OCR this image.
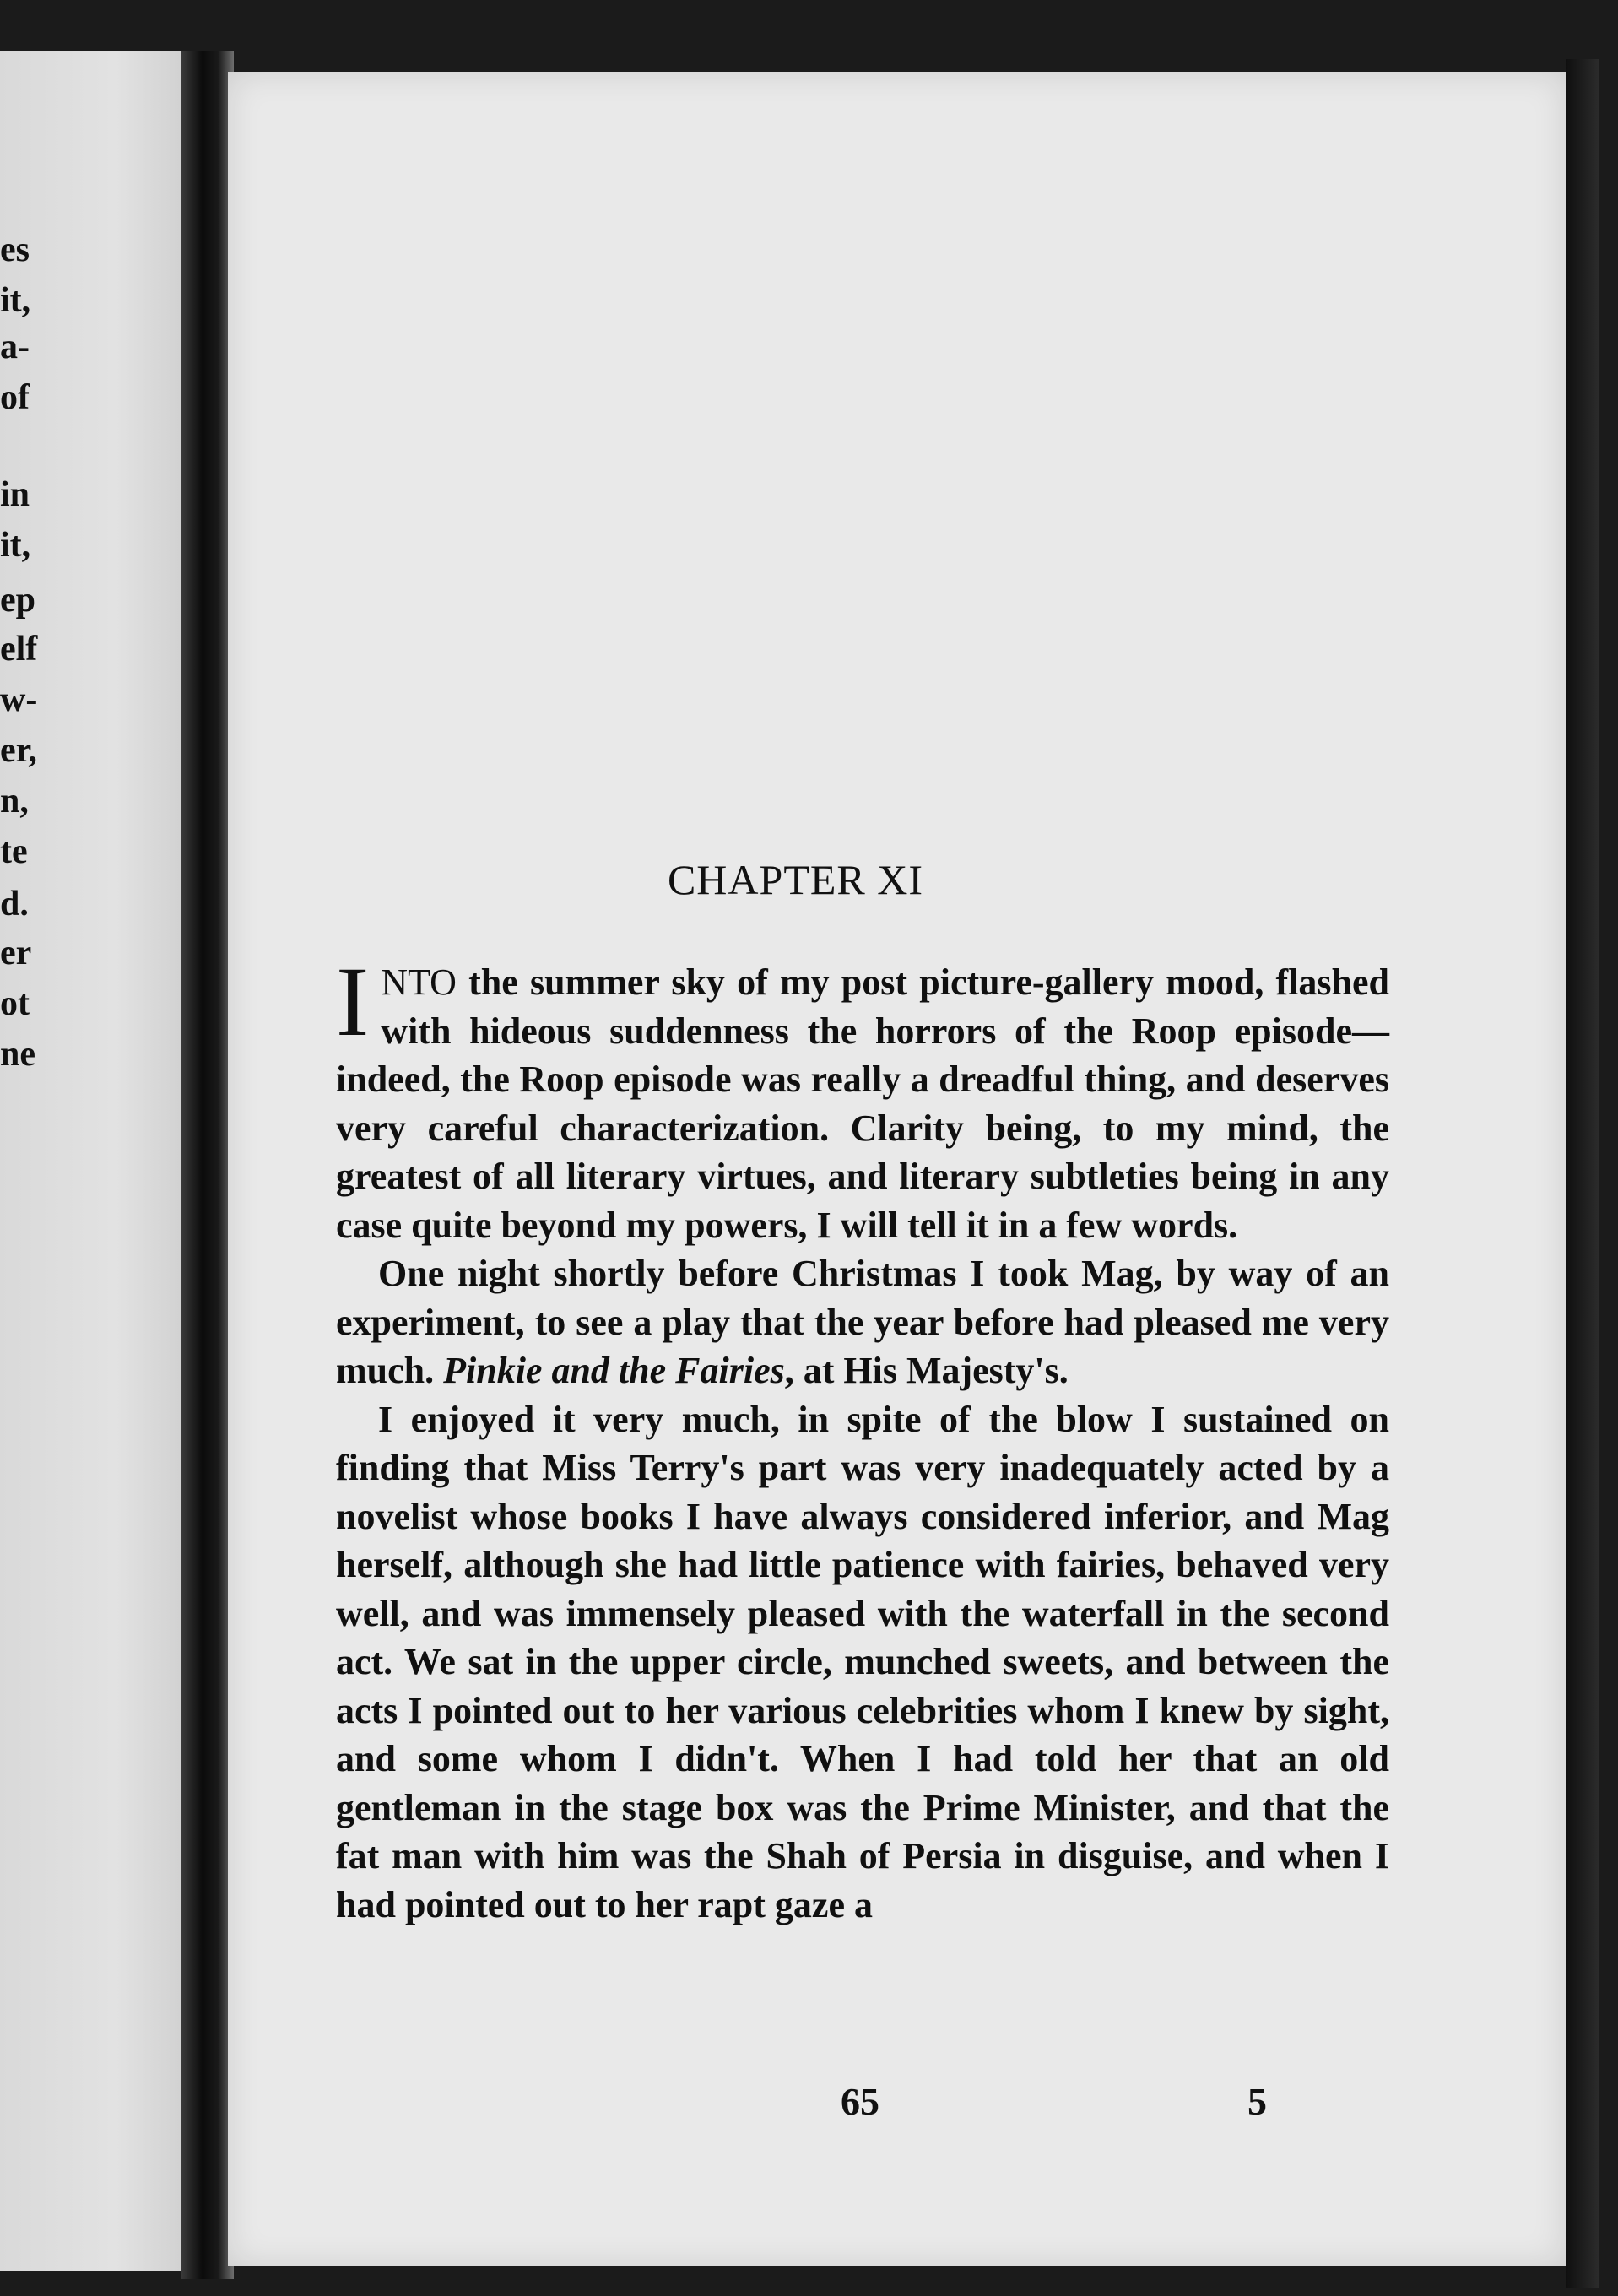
es
it,
a-
of
in
it,
ep
elf
w-
er,
n,
te
d.
er
ot
ne
CHAPTER XI

INTO the summer sky of my post picture-gallery mood, flashed with hideous suddenness the horrors of the Roop episode—indeed, the Roop episode was really a dreadful thing, and deserves very careful characterization. Clarity being, to my mind, the greatest of all literary virtues, and literary subtleties being in any case quite beyond my powers, I will tell it in a few words.

One night shortly before Christmas I took Mag, by way of an experiment, to see a play that the year before had pleased me very much. Pinkie and the Fairies, at His Majesty's.

I enjoyed it very much, in spite of the blow I sustained on finding that Miss Terry's part was very inadequately acted by a novelist whose books I have always considered inferior, and Mag herself, although she had little patience with fairies, behaved very well, and was immensely pleased with the waterfall in the second act. We sat in the upper circle, munched sweets, and between the acts I pointed out to her various celebrities whom I knew by sight, and some whom I didn't. When I had told her that an old gentleman in the stage box was the Prime Minister, and that the fat man with him was the Shah of Persia in disguise, and when I had pointed out to her rapt gaze a

65	5
